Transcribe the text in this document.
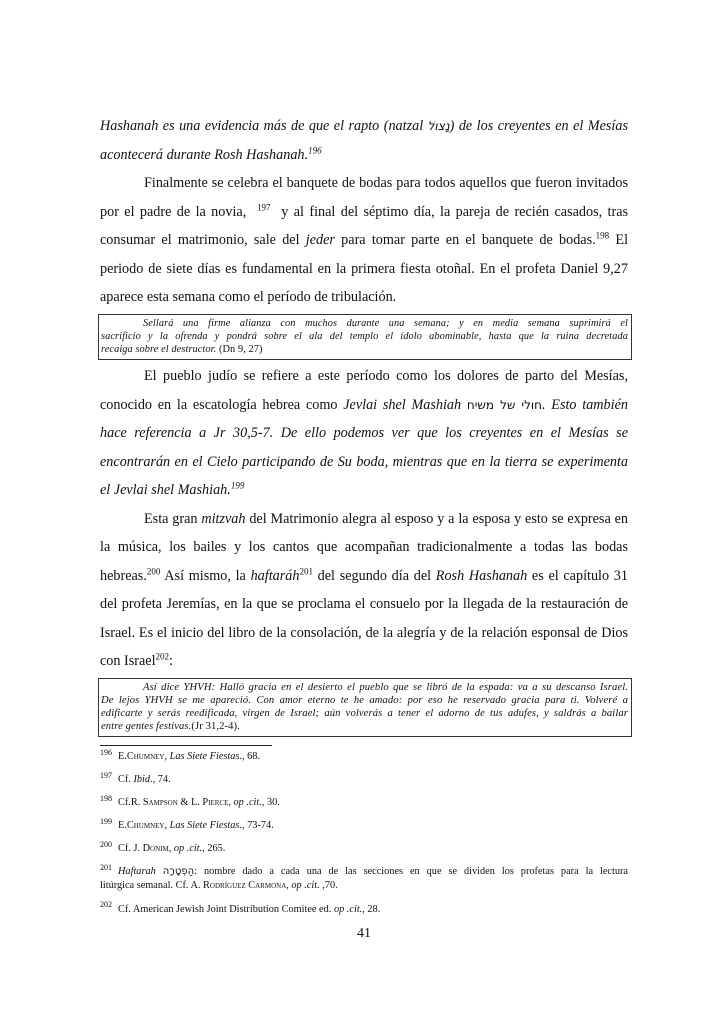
Hashanah es una evidencia más de que el rapto (natzal נָצוֹל) de los creyentes en el Mesías
acontecerá durante Rosh Hashanah.$^{196}$
Finalmente se celebra el banquete de bodas para todos aquellos que fueron invitados
por el padre de la novia, $^{197}$  y al final del séptimo día, la pareja de recién casados, tras
consumar el matrimonio, sale del jeder para tomar parte en el banquete de bodas.$^{198}$ El
periodo de siete días es fundamental en la primera fiesta otoñal. En el profeta Daniel 9,27
aparece esta semana como el período de tribulación.
Sellará una firme alianza con muchos durante una semana; y en media semana suprimirá el
sacrificio y la ofrenda y pondrá sobre el ala del templo el ídolo abominable, hasta que la ruina decretada
recaiga sobre el destructor. (Dn 9, 27)
El pueblo judío se refiere a este período como los dolores de parto del Mesías,
conocido en la escatología hebrea como Jevlai shel Mashiah חולי של משיח. Esto también
hace referencia a Jr 30,5-7. De ello podemos ver que los creyentes en el Mesías se
encontrarán en el Cielo participando de Su boda, mientras que en la tierra se experimenta
el Jevlai shel Mashiah.$^{199}$
Esta gran mitzvah del Matrimonio alegra al esposo y a la esposa y esto se expresa en
la música, los bailes y los cantos que acompañan tradicionalmente a todas las bodas
hebreas.$^{200}$ Así mismo, la haftaráh$^{201}$ del segundo día del Rosh Hashanah es el capítulo 31
del profeta Jeremías, en la que se proclama el consuelo por la llegada de la restauración de
Israel. Es el inicio del libro de la consolación, de la alegría y de la relación esponsal de Dios
con Israel$^{202}$:
Así dice YHVH: Halló gracia en el desierto el pueblo que se libró de la espada: va a su descanso Israel.
De lejos YHVH se me apareció. Con amor eterno te he amado: por eso he reservado gracia para ti. Volveré a
edificarte y serás reedificada, virgen de Israel; aún volverás a tener el adorno de tus adufes, y saldrás a bailar
entre gentes festivas.(Jr 31,2-4).
$^{196}$ E.Chumney, Las Siete Fiestas., 68.
$^{197}$ Cf. Ibid., 74.
$^{198}$ Cf.R. Sampson & L. Pierce, op .cit., 30.
$^{199}$ E.Chumney, Las Siete Fiestas., 73-74.
$^{200}$ Cf. J. Donim, op .cit., 265.
$^{201}$ Haftarah הַפְטָרָה: nombre dado a cada una de las secciones en que se dividen los profetas para la lectura
litúrgica semanal. Cf. A. Rodríguez Carmona, op .cit. ,70.
$^{202}$ Cf. American Jewish Joint Distribution Comitee ed. op .cit., 28.
41
